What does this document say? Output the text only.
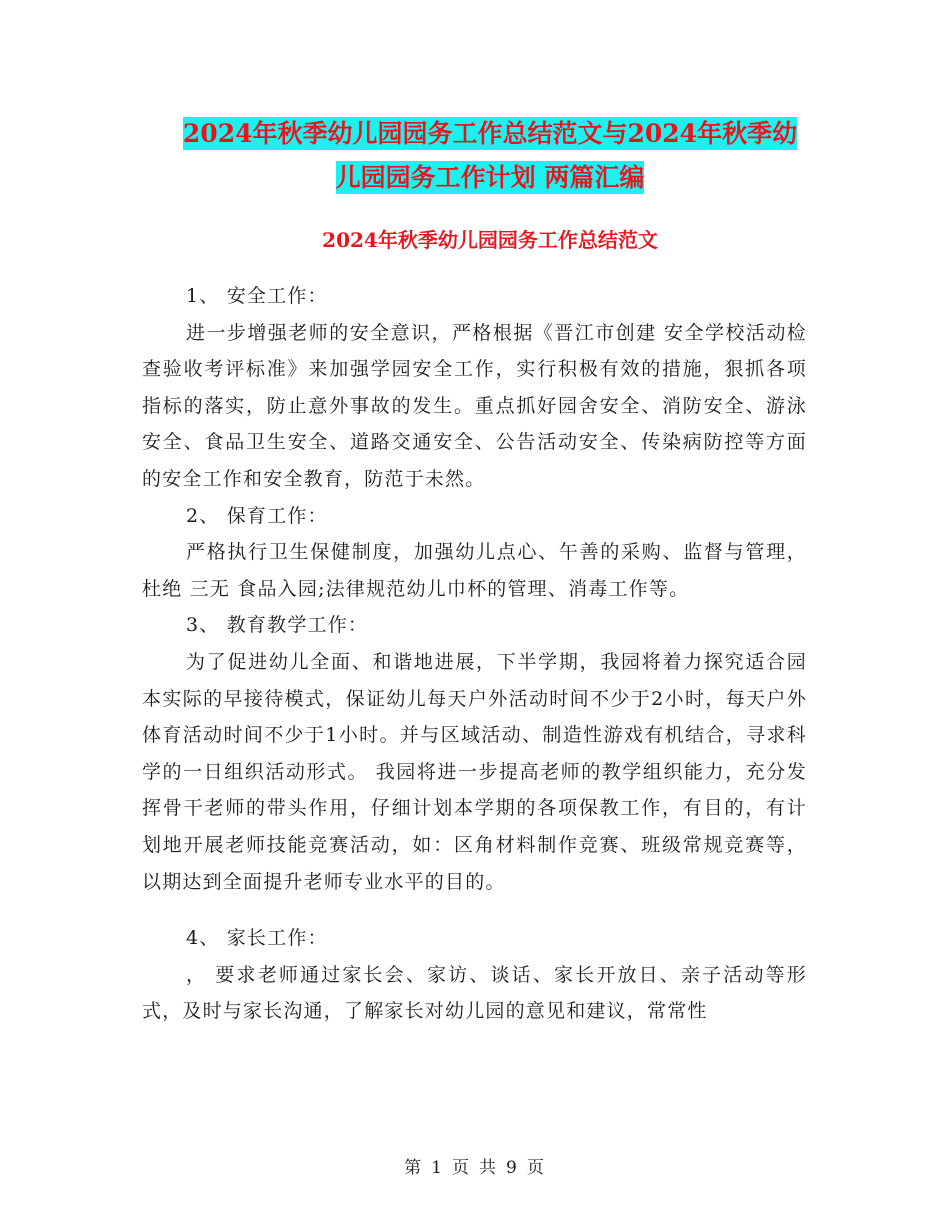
2024年秋季幼儿园园务工作总结范文与2024年秋季幼
儿园园务工作计划 两篇汇编
2024年秋季幼儿园园务工作总结范文

1、 安全工作：

进一步增强老师的安全意识，严格根据《晋江市创建 安全学校活动检查验收考评标准》来加强学园安全工作，实行积极有效的措施，狠抓各项指标的落实，防止意外事故的发生。重点抓好园舍安全、消防安全、游泳安全、食品卫生安全、道路交通安全、公告活动安全、传染病防控等方面的安全工作和安全教育，防范于未然。

2、 保育工作：

严格执行卫生保健制度，加强幼儿点心、午善的采购、监督与管理，杜绝 三无 食品入园;法律规范幼儿巾杯的管理、消毒工作等。

3、 教育教学工作：

为了促进幼儿全面、和谐地进展，下半学期，我园将着力探究适合园本实际的早接待模式，保证幼儿每天户外活动时间不少于2小时，每天户外体育活动时间不少于1小时。并与区域活动、制造性游戏有机结合，寻求科学的一日组织活动形式。 我园将进一步提高老师的教学组织能力，充分发挥骨干老师的带头作用，仔细计划本学期的各项保教工作，有目的，有计划地开展老师技能竞赛活动，如：区角材料制作竞赛、班级常规竞赛等，以期达到全面提升老师专业水平的目的。

4、 家长工作：

， 要求老师通过家长会、家访、谈话、家长开放日、亲子活动等形式，及时与家长沟通，了解家长对幼儿园的意见和建议，常常性

第 1 页 共 9 页
